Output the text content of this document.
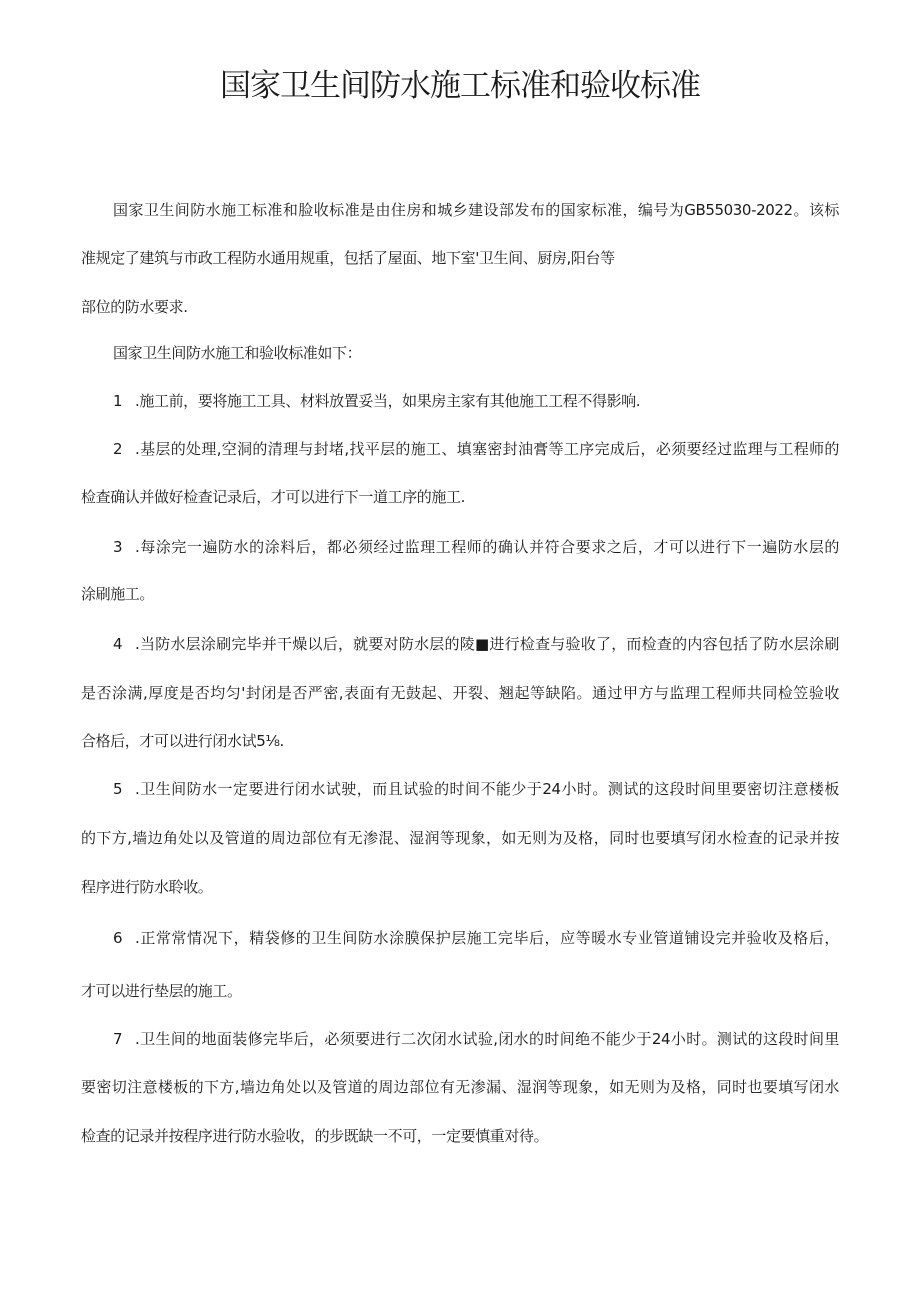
国家卫生间防水施工标准和验收标准
国家卫生间防水施工标准和脸收标准是由住房和城乡建设部发布的国家标准，编号为GB55030-2022。该标
准规定了建筑与市政工程防水通用规重，包括了屋面、地下室'卫生间、厨房,阳台等
部位的防水要求.
国家卫生间防水施工和验收标准如下：
1 .施工前，要将施工工具、材料放置妥当，如果房主家有其他施工工程不得影响.
2 .基层的处理,空洞的清理与封堵,找平层的施工、填塞密封油膏等工序完成后，必须要经过监理与工程师的
检查确认并做好检查记录后，才可以进行下一道工序的施工.
3 .每涂完一遍防水的涂料后，都必须经过监理工程师的确认并符合要求之后，才可以进行下一遍防水层的
涂刷施工。
4 .当防水层涂刷完毕并干燥以后，就要对防水层的陵■进行检查与验收了，而检查的内容包括了防水层涂刷
是否涂满,厚度是否均匀'封闭是否严密,表面有无鼓起、开裂、翘起等缺陷。通过甲方与监理工程师共同检笠验收
合格后，才可以进行闭水试5⅛.
5 .卫生间防水一定要进行闭水试驶，而且试验的时间不能少于24小时。测试的这段时间里要密切注意楼板
的下方,墙边角处以及管道的周边部位有无渗混、湿润等现象，如无则为及格，同时也要填写闭水检查的记录并按
程序进行防水聆收。
6 .正常常情况下，精袋修的卫生间防水涂膜保护层施工完毕后，应等暖水专业管道铺设完并验收及格后，
才可以进行垫层的施工。
7 .卫生间的地面装修完毕后，必须要进行二次闭水试验,闭水的时间绝不能少于24小时。测试的这段时间里
要密切注意楼板的下方,墙边角处以及管道的周边部位有无渗漏、湿润等现象，如无则为及格，同时也要填写闭水
检查的记录并按程序进行防水验收，的步既缺一不可，一定要慎重对待。
